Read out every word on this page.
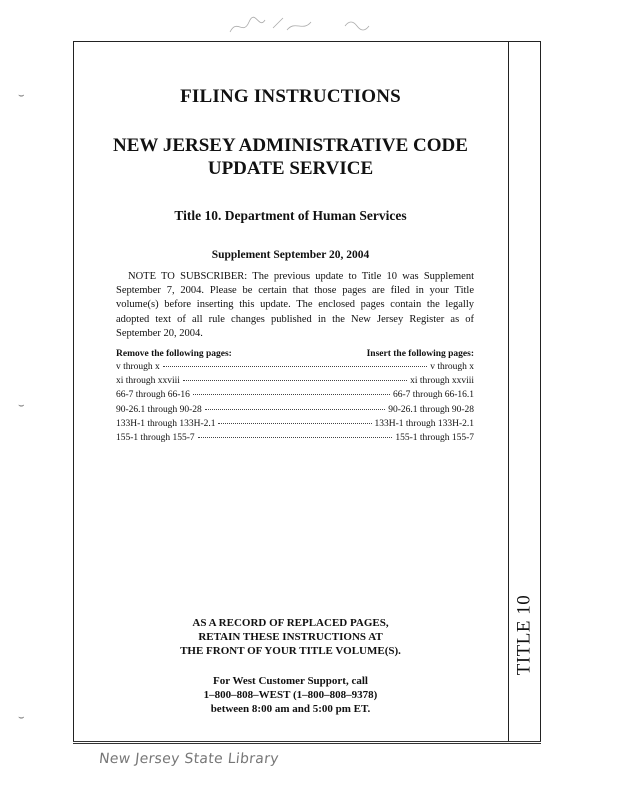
⌣
⌣
⌣
TITLE 10
FILING INSTRUCTIONS
NEW JERSEY ADMINISTRATIVE CODE
UPDATE SERVICE
Title 10. Department of Human Services
Supplement September 20, 2004
NOTE TO SUBSCRIBER: The previous update to Title 10 was Supplement September 7, 2004. Please be certain that those pages are filed in your Title volume(s) before inserting this update. The enclosed pages contain the legally adopted text of all rule changes published in the New Jersey Register as of September 20, 2004.
Remove the following pages:	Insert the following pages:
v through x	v through x
xi through xxviii	xi through xxviii
66-7 through 66-16	66-7 through 66-16.1
90-26.1 through 90-28	90-26.1 through 90-28
133H-1 through 133H-2.1	133H-1 through 133H-2.1
155-1 through 155-7	155-1 through 155-7
AS A RECORD OF REPLACED PAGES,
RETAIN THESE INSTRUCTIONS AT
THE FRONT OF YOUR TITLE VOLUME(S).
For West Customer Support, call
1–800–808–WEST (1–800–808–9378)
between 8:00 am and 5:00 pm ET.
New Jersey State Library
